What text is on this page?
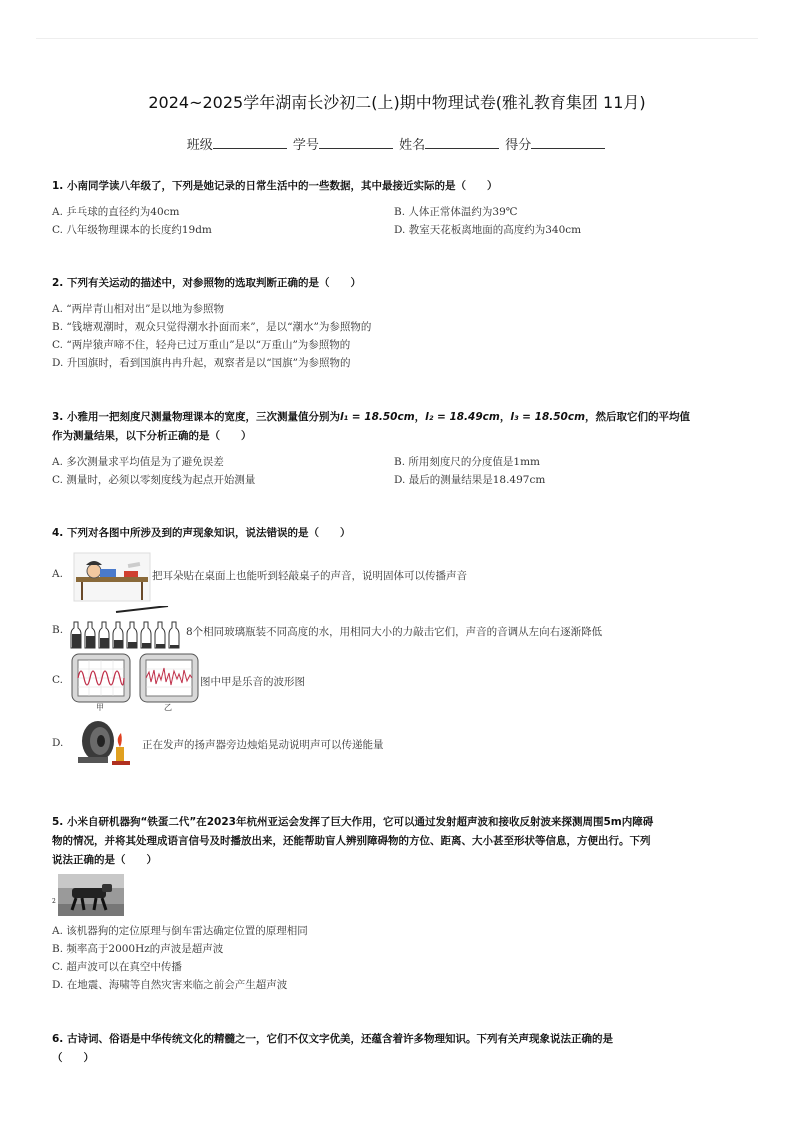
2024~2025学年湖南长沙初二(上)期中物理试卷(雅礼教育集团 11月)
班级	学号	姓名	得分
1. 小南同学读八年级了，下列是她记录的日常生活中的一些数据，其中最接近实际的是（　　）
A. 乒乓球的直径约为40cm	B. 人体正常体温约为39℃
C. 八年级物理课本的长度约19dm	D. 教室天花板离地面的高度约为340cm
2. 下列有关运动的描述中，对参照物的选取判断正确的是（　　）
A. “两岸青山相对出”是以地为参照物
B. “钱塘观潮时，观众只觉得潮水扑面而来”，是以“潮水”为参照物的
C. “两岸猿声啼不住，轻舟已过万重山”是以“万重山”为参照物的
D. 升国旗时，看到国旗冉冉升起，观察者是以“国旗”为参照物的
3. 小雅用一把刻度尺测量物理课本的宽度，三次测量值分别为l₁ = 18.50cm，l₂ = 18.49cm，l₃ = 18.50cm，然后取它们的平均值
作为测量结果，以下分析正确的是（　　）
A. 多次测量求平均值是为了避免误差	B. 所用刻度尺的分度值是1mm
C. 测量时，必须以零刻度线为起点开始测量	D. 最后的测量结果是18.497cm
4. 下列对各图中所涉及到的声现象知识，说法错误的是（　　）
A.	把耳朵贴在桌面上也能听到轻敲桌子的声音，说明固体可以传播声音
B.	8个相同玻璃瓶装不同高度的水，用相同大小的力敲击它们，声音的音调从左向右逐渐降低
C.
甲	乙
图中甲是乐音的波形图
D.	正在发声的扬声器旁边烛焰晃动说明声可以传递能量
5. 小米自研机器狗“铁蛋二代”在2023年杭州亚运会发挥了巨大作用，它可以通过发射超声波和接收反射波来探测周围5m内障碍
物的情况，并将其处理成语言信号及时播放出来，还能帮助盲人辨别障碍物的方位、距离、大小甚至形状等信息，方便出行。下列
说法正确的是（　　）
2
A. 该机器狗的定位原理与倒车雷达确定位置的原理相同
B. 频率高于2000Hz的声波是超声波
C. 超声波可以在真空中传播
D. 在地震、海啸等自然灾害来临之前会产生超声波
6. 古诗词、俗语是中华传统文化的精髓之一，它们不仅文字优美，还蕴含着许多物理知识。下列有关声现象说法正确的是
（　　）
